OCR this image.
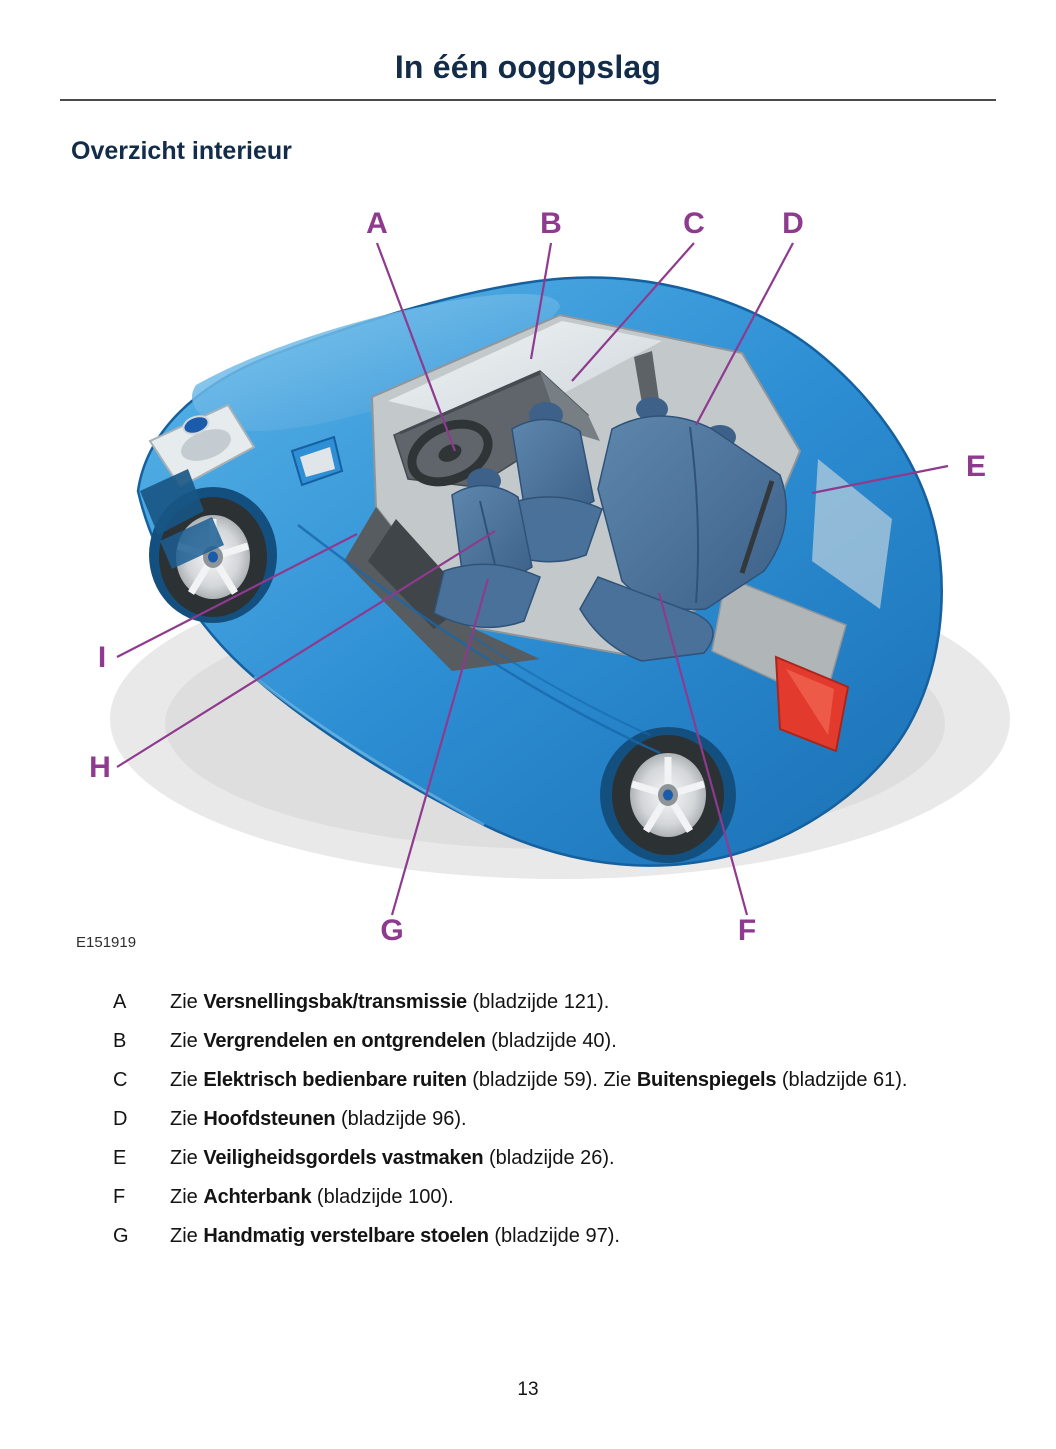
In één oogopslag
Overzicht interieur
A	B	C	D
E
F
G
H
I
E151919
A	Zie Versnellingsbak/transmissie (bladzijde 121).

B	Zie Vergrendelen en ontgrendelen (bladzijde 40).

C	Zie Elektrisch bedienbare ruiten (bladzijde 59). Zie Buitenspiegels (bladzijde 61).

D	Zie Hoofdsteunen (bladzijde 96).

E	Zie Veiligheidsgordels vastmaken (bladzijde 26).

F	Zie Achterbank (bladzijde 100).

G	Zie Handmatig verstelbare stoelen (bladzijde 97).

13
